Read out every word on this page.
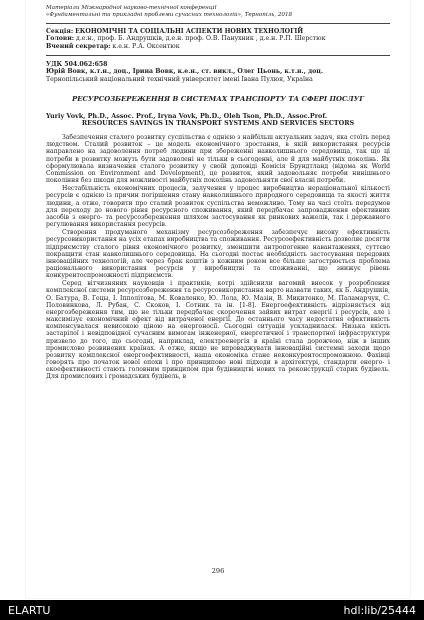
Матеріали Міжнародної науково-технічної конференції
«Фундаментальні та прикладні проблеми сучасних технологій», Тернопіль, 2018
Секція: ЕКОНОМІЧНІ ТА СОЦІАЛЬНІ АСПЕКТИ НОВИХ ТЕХНОЛОГІЙ
Голови: д.е.н., проф. Б. Андрушків, д.е.н. проф. О.В. Панухник , д.е.н. Р.П. Шерстюк
Вчений секретар: к.е.н. Р.А. Оксентюк
УДК 504.062:658
Юрій Вовк, к.т.н., доц., Ірина Вовк, к.е.н., ст. викл., Олег Цьонь, к.т.н., доц.
Тернопільський національний технічний університет імені Івана Пулюя, Україна
РЕСУРСОЗБЕРЕЖЕННЯ В СИСТЕМАХ ТРАНСПОРТУ ТА СФЕРІ ПОСЛУГ
Yuriy Vovk, Ph.D., Assoc. Prof., Iryna Vovk, Ph.D., Oleh Tson, Ph.D., Assoc.Prof.
RESOURCES SAVINGS IN TRANSPORT SYSTEMS AND SERVICES SECTORS

Забезпечення сталого розвитку суспільства є однією з найбільш актуальних задач, яка стоїть перед людством. Сталий розвиток – це модель економічного зростання, в якій використання ресурсів направлено на задоволення потреб людини при збереженні навколишнього середовища, так що ці потреби в розвитку можуть бути задоволені не тільки в сьогоденні, але й для майбутніх поколінь. Як сформулювала визначення сталого розвитку у своїй доповіді Комісія Брундтланд (відома як World Commission on Environment and Development), це розвиток, який задовольняє потреби нинішнього покоління без шкоди для можливості майбутніх поколінь задовольняти свої власні потреби.

Нестабільність економічних процесів, залучення у процес виробництва нераціональної кількості ресурсів є однією із причин погіршення стану навколишнього природного середовища та якості життя людини, а отже, говорити про сталий розвиток суспільства неможливо. Тому на часі стоїть передумов для переходу до нового рівня ресурсного споживання, який передбачає запровадження ефективних засобів з енерго- та ресурсозбереження шляхом застосування як ринкових важелів, так і державного регулювання використання ресурсів.

Створення продуманого механізму ресурсозбереження забезпечує високу ефективність ресурсовикористання на усіх етапах виробництва та споживання. Ресурсоефективність дозволяє досягти підприємству сталого рівня економічного розвитку, зменшити антропогенне навантаження, суттєво покращити стан навколишнього середовища. На сьогодні постає необхідність застосування передових інноваційних технологій, але через брак коштів з кожним роком все більше загострюється проблема раціонального використання ресурсів у виробництві та споживанні, що знижує рівень конкурентоспроможності підприємств.

Серед вітчизняних науковців і практиків, котрі здійснили вагомий внесок у розроблення комплексної системи ресурсозбереження та ресурсовикористання варто назвати таких, як Б. Андрушків, О. Батура, В. Гецы, І. Іпполітова, М. Коваленко, Ю. Лола, Ю. Мазін, В. Микитенко, М. Паламарчук, С. Половинкова, Л. Рубан, С. Скоков, І. Сотник та ін. [1-8]. Енергоефективність відрізняється від енергозбереження тим, що не тільки передбачає скорочення зайвих витрат енергії і ресурсів, але і максимізує економічний ефект від витраченої енергії. До останнього часу недостатня ефективність компенсувалася невисокою ціною на енергоносії. Сьогодні ситуація ускладнилася. Низька якість застарілої і невідповідної сучасним вимогам інженерної, енергетичної і транспортної інфраструктури призвело до того, що сьогодні, наприклад, електроенергія в країні стала дорожчою, ніж в інших промислово розвинених країнах. А отже, якщо не впроваджувати інноваційні системні заходи щодо розвитку комплексної енергоефективності, наша економіка стане неконкурентоспроможною. Фахівці говорять про початок нової епохи і про принципово нові підходи в архітектурі, стандарти енерго- і екоефективності стають головним принципом при будівництві нових та реконструкції старих будівель. Для промислових і громадських будівель, в

296
ELARTU	hdl:lib/25444
